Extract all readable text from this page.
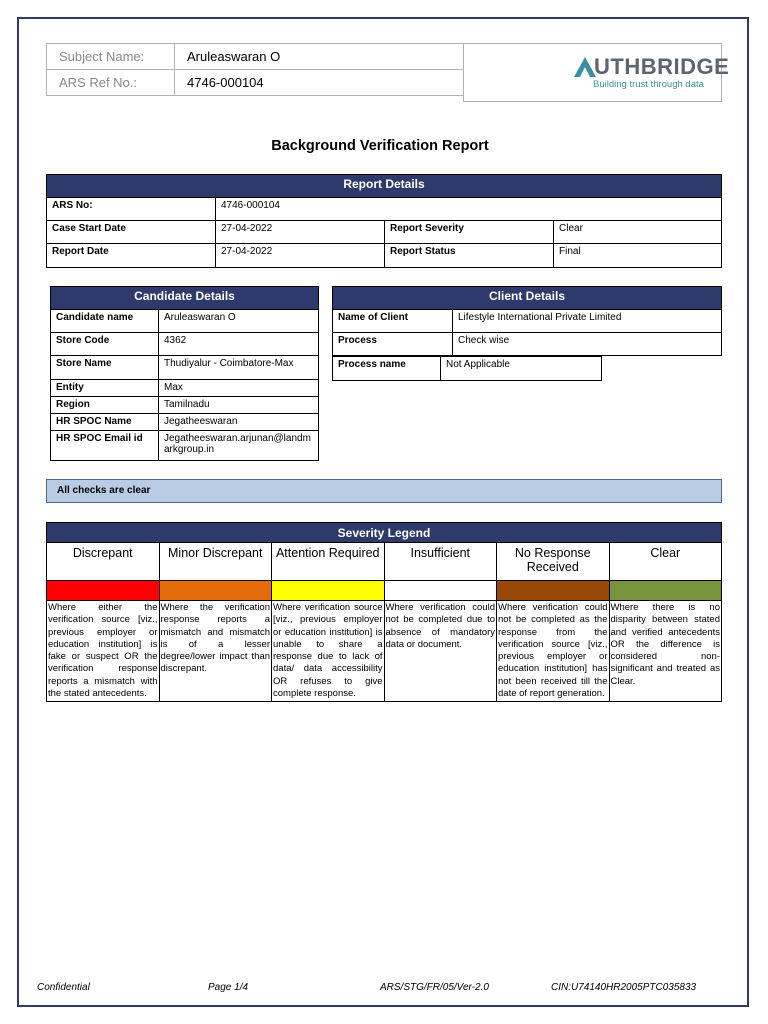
Subject Name:	Aruleaswaran O
ARS Ref No.:	4746-000104
UTHBRIDGE
Building trust through data
Background Verification Report
Report Details			
ARS No:	4746-000104		
Case Start Date	27-04-2022	Report Severity	Clear
Report Date	27-04-2022	Report Status	Final
Candidate Details	
Candidate name	Aruleaswaran O
Store Code	4362
Store Name	Thudiyalur - Coimbatore-Max
Entity	Max
Region	Tamilnadu
HR SPOC Name	Jegatheeswaran
HR SPOC Email id	Jegatheeswaran.arjunan@landmarkgroup.in
Client Details	
Name of Client	Lifestyle International Private Limited
Process	Check wise
Process name	Not Applicable
All checks are clear
Severity Legend					
Discrepant	Minor Discrepant	Attention Required	Insufficient	No Response Received	Clear

Where either the verification source [viz., previous employer or education institution] is fake or suspect OR the verification response reports a mismatch with the stated antecedents.	Where the verification response reports a mismatch and mismatch is of a lesser degree/lower impact than discrepant.	Where verification source [viz., previous employer or education institution] is unable to share a response due to lack of data/ data accessibility OR refuses to give complete response.	Where verification could not be completed due to absence of mandatory data or document.	Where verification could not be completed as the response from the verification source [viz., previous employer or education institution] has not been received till the date of report generation.	Where there is no disparity between stated and verified antecedents OR the difference is considered non-significant and treated as Clear.
Confidential	Page 1/4	ARS/STG/FR/05/Ver-2.0	CIN:U74140HR2005PTC035833
